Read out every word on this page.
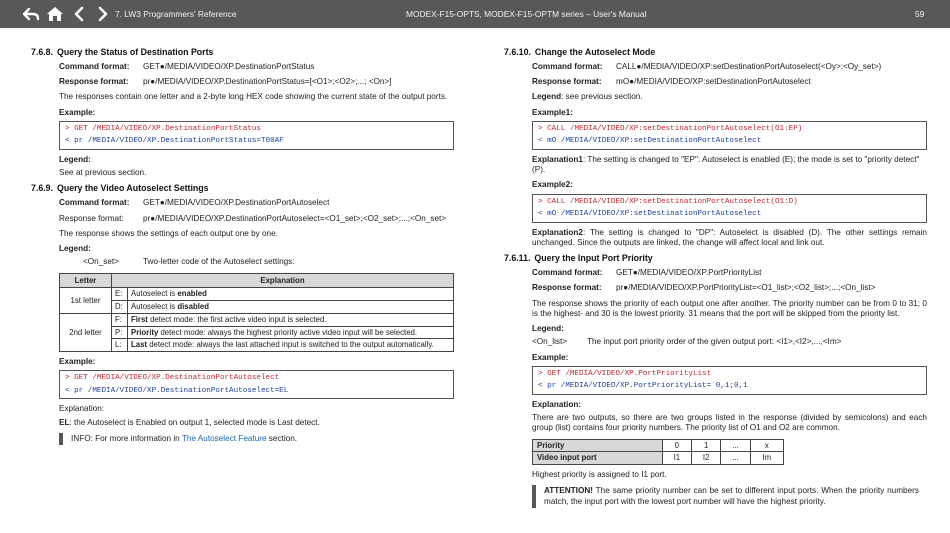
7. LW3 Programmers' Reference	MODEX-F15-OPTS, MODEX-F15-OPTM series – User's Manual	59
7.6.8. Query the Status of Destination Ports
Command format:	GET●/MEDIA/VIDEO/XP.DestinationPortStatus
Response format:	pr●/MEDIA/VIDEO/XP.DestinationPortStatus=[<O1>;<O2>;...; <On>]
The responses contain one letter and a 2-byte long HEX code showing the current state of the output ports.
Example:
> GET /MEDIA/VIDEO/XP.DestinationPortStatus
< pr /MEDIA/VIDEO/XP.DestinationPortStatus=T00AF
Legend:
See at previous section.
7.6.9. Query the Video Autoselect Settings
Command format:	GET●/MEDIA/VIDEO/XP.DestinationPortAutoselect
Response format:	pr●/MEDIA/VIDEO/XP.DestinationPortAutoselect=<O1_set>;<O2_set>;...;<On_set>
The response shows the settings of each output one by one.
Legend:
<On_set>	Two-letter code of the Autoselect settings:
Letter	Explanation	
1st letter	E:	Autoselect is enabled
	D:	Autoselect is disabled
2nd letter	F:	First detect mode: the first active video input is selected.
	P:	Priority detect mode: always the highest priority active video input will be selected.
	L:	Last detect mode: always the last attached input is switched to the output automatically.
Example:
> GET /MEDIA/VIDEO/XP.DestinationPortAutoselect
< pr /MEDIA/VIDEO/XP.DestinationPortAutoselect=EL
Explanation:
EL: the Autoselect is Enabled on output 1, selected mode is Last detect.
INFO: For more information in The Autoselect Feature section.
7.6.10. Change the Autoselect Mode
Command format:	CALL●/MEDIA/VIDEO/XP:setDestinationPortAutoselect(<Oy>:<Oy_set>)
Response format:	mO●/MEDIA/VIDEO/XP:setDestinationPortAutoselect
Legend: see previous section.
Example1:
> CALL /MEDIA/VIDEO/XP:setDestinationPortAutoselect(O1:EP)
< mO /MEDIA/VIDEO/XP:setDestinationPortAutoselect
Explanation1: The setting is changed to "EP": Autoselect is enabled (E); the mode is set to "priority detect" (P).
Example2:
> CALL /MEDIA/VIDEO/XP:setDestinationPortAutoselect(O1:D)
< mO /MEDIA/VIDEO/XP:setDestinationPortAutoselect
Explanation2: The setting is changed to "DP": Autoselect is disabled (D). The other settings remain unchanged. Since the outputs are linked, the change will affect local and link out.
7.6.11. Query the Input Port Priority
Command format:	GET●/MEDIA/VIDEO/XP.PortPriorityList
Response format:	pr●/MEDIA/VIDEO/XP.PortPriorityList=<O1_list>;<O2_list>;...;<On_list>
The response shows the priority of each output one after another. The priority number can be from 0 to 31; 0 is the highest- and 30 is the lowest priority. 31 means that the port will be skipped from the priority list.
Legend:
<On_list>	The input port priority order of the given output port: <I1>,<I2>,...,<Im>
Example:
> GET /MEDIA/VIDEO/XP.PortPriorityList
< pr /MEDIA/VIDEO/XP.PortPriorityList= 0,1;0,1
Explanation:
There are two outputs, so there are two groups listed in the response (divided by semicolons) and each group (list) contains four priority numbers. The priority list of O1 and O2 are common.
Priority	0	1	...	x
Video input port	I1	I2	...	Im
Highest priority is assigned to I1 port.
ATTENTION! The same priority number can be set to different input ports. When the priority numbers match, the input port with the lowest port number will have the highest priority.
